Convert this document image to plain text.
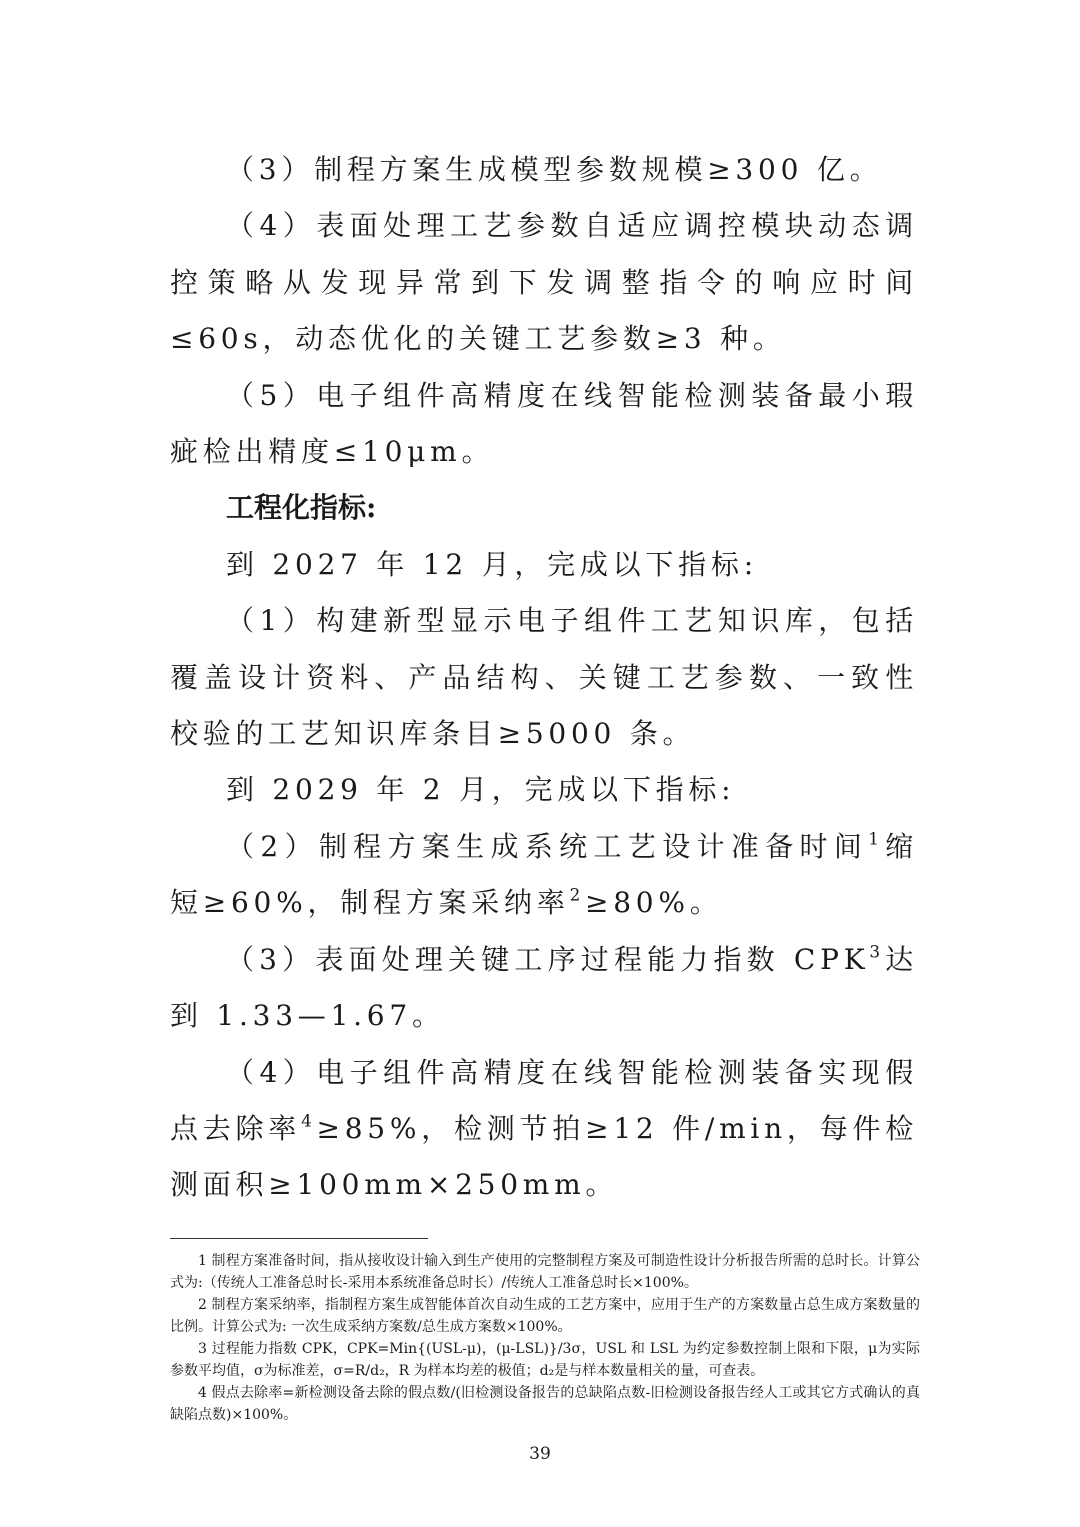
（3）制程方案生成模型参数规模≥300 亿。

（4）表面处理工艺参数自适应调控模块动态调控策略从发现异常到下发调整指令的响应时间≤60s，动态优化的关键工艺参数≥3 种。

（5）电子组件高精度在线智能检测装备最小瑕疵检出精度≤10μm。

工程化指标:

到 2027 年 12 月，完成以下指标:

（1）构建新型显示电子组件工艺知识库，包括覆盖设计资料、产品结构、关键工艺参数、一致性校验的工艺知识库条目≥5000 条。

到 2029 年 2 月，完成以下指标:

（2）制程方案生成系统工艺设计准备时间$^1$缩短≥60%，制程方案采纳率$^2$≥80%。

（3）表面处理关键工序过程能力指数 CPK$^3$达到 1.33—1.67。

（4）电子组件高精度在线智能检测装备实现假点去除率$^4$≥85%，检测节拍≥12 件/min，每件检测面积≥100mm×250mm。

1 制程方案准备时间，指从接收设计输入到生产使用的完整制程方案及可制造性设计分析报告所需的总时长。计算公式为:（传统人工准备总时长-采用本系统准备总时长）/传统人工准备总时长×100%。

2 制程方案采纳率，指制程方案生成智能体首次自动生成的工艺方案中，应用于生产的方案数量占总生成方案数量的比例。计算公式为: 一次生成采纳方案数/总生成方案数×100%。

3 过程能力指数 CPK，CPK=Min{(USL-μ)，(μ-LSL)}/3σ，USL 和 LSL 为约定参数控制上限和下限，μ为实际参数平均值，σ为标准差，σ=R/d₂，R 为样本均差的极值；d₂是与样本数量相关的量，可查表。

4 假点去除率=新检测设备去除的假点数/(旧检测设备报告的总缺陷点数-旧检测设备报告经人工或其它方式确认的真缺陷点数)×100%。

39
